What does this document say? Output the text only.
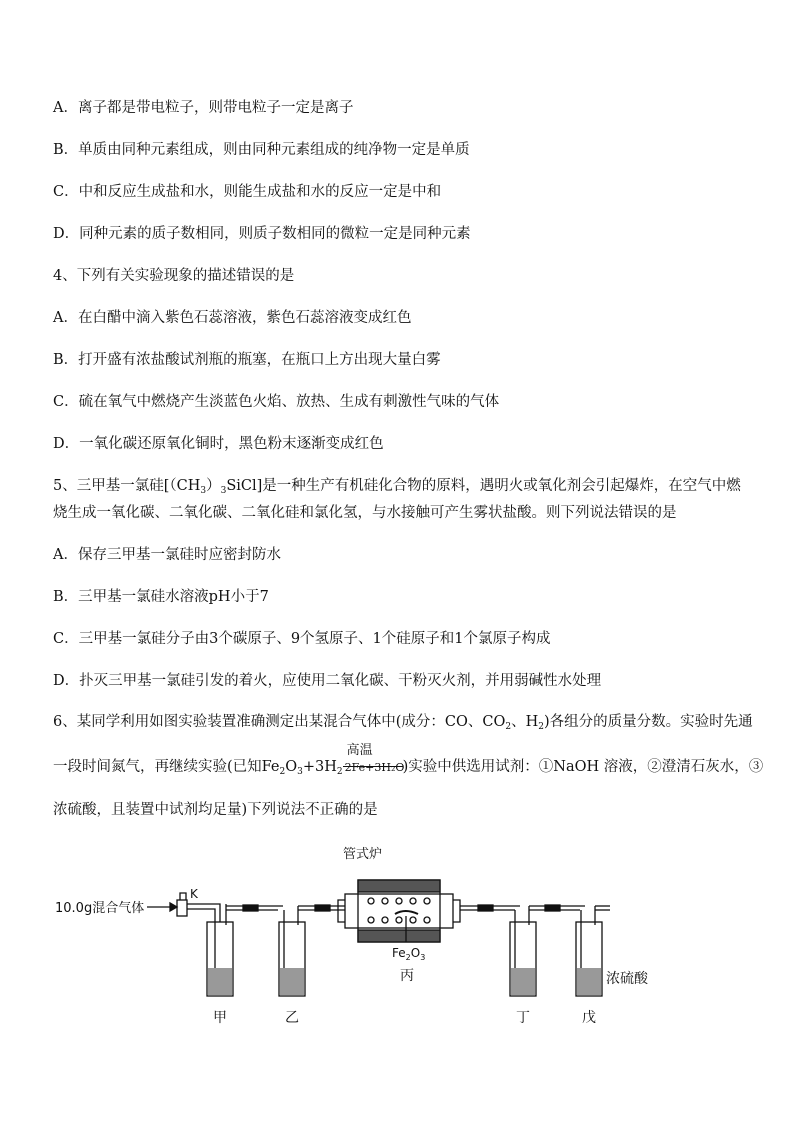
A．离子都是带电粒子，则带电粒子一定是离子
B．单质由同种元素组成，则由同种元素组成的纯净物一定是单质
C．中和反应生成盐和水，则能生成盐和水的反应一定是中和
D．同种元素的质子数相同，则质子数相同的微粒一定是同种元素
4、下列有关实验现象的描述错误的是
A．在白醋中滴入紫色石蕊溶液，紫色石蕊溶液变成红色
B．打开盛有浓盐酸试剂瓶的瓶塞，在瓶口上方出现大量白雾
C．硫在氧气中燃烧产生淡蓝色火焰、放热、生成有刺激性气味的气体
D．一氧化碳还原氧化铜时，黑色粉末逐渐变成红色
5、三甲基一氯硅$[(CH_3)_3SiCl]$是一种生产有机硅化合物的原料，遇明火或氧化剂会引起爆炸，在空气中燃
烧生成一氧化碳、二氧化碳、二氧化硅和氯化氢，与水接触可产生雾状盐酸。则下列说法错误的是
A．保存三甲基一氯硅时应密封防水
B．三甲基一氯硅水溶液pH小于7
C．三甲基一氯硅分子由3个碳原子、9个氢原子、1个硅原子和1个氯原子构成
D．扑灭三甲基一氯硅引发的着火，应使用二氧化碳、干粉灭火剂，并用弱碱性水处理
6、某同学利用如图实验装置准确测定出某混合气体中(成分：CO、$CO_2$、$H_2$)各组分的质量分数。实验时先通
一段时间氮气，再继续实验(已知$Fe_2O_3+3H_2$
高温
2Fe+3H₂O
)实验中供选用试剂：①NaOH 溶液，②澄清石灰水，③
浓硫酸，且装置中试剂均足量)下列说法不正确的是
管式炉
10.0g混合气体
K
$Fe_2O_3$
丙
甲	乙	丁	戊
浓硫酸
